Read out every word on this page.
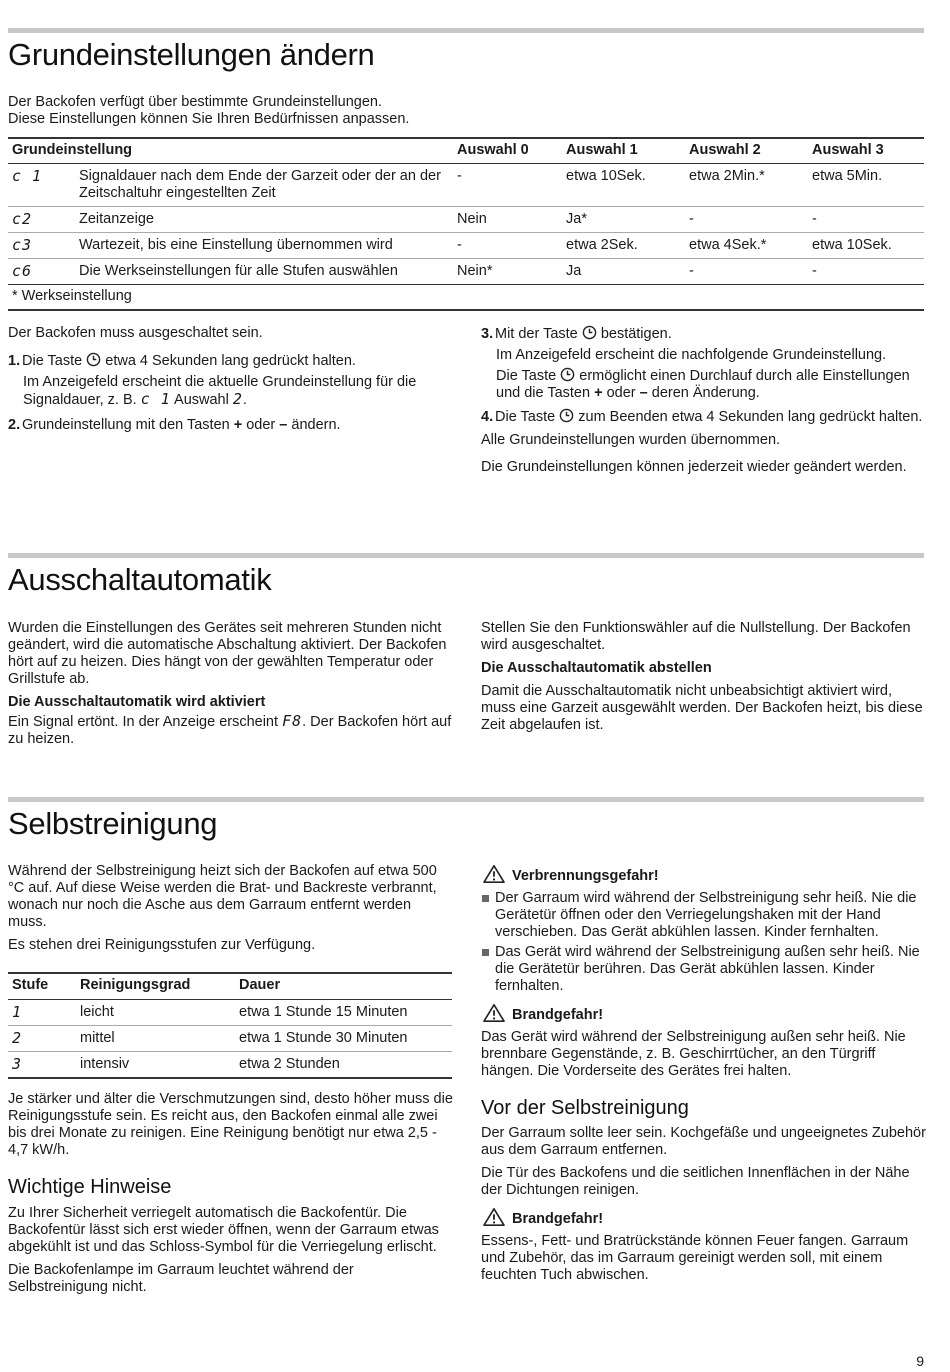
Grundeinstellungen ändern
Der Backofen verfügt über bestimmte Grundeinstellungen.
Diese Einstellungen können Sie Ihren Bedürfnissen anpassen.
Grundeinstellung		Auswahl 0	Auswahl 1	Auswahl 2	Auswahl 3
c 1	Signaldauer nach dem Ende der Garzeit oder der an der Zeitschaltuhr eingestellten Zeit	-	etwa 10Sek.	etwa 2Min.*	etwa 5Min.
c2	Zeitanzeige	Nein	Ja*	-	-
c3	Wartezeit, bis eine Einstellung übernommen wird	-	etwa 2Sek.	etwa 4Sek.*	etwa 10Sek.
c6	Die Werkseinstellungen für alle Stufen auswählen	Nein*	Ja	-	-
* Werkseinstellung					
Der Backofen muss ausgeschaltet sein.
1. Die Taste etwa 4 Sekunden lang gedrückt halten.
Im Anzeigefeld erscheint die aktuelle Grundeinstellung für die Signaldauer, z. B. c 1 Auswahl 2.
2. Grundeinstellung mit den Tasten + oder – ändern.
3. Mit der Taste bestätigen.
Im Anzeigefeld erscheint die nachfolgende Grundeinstellung.
Die Taste ermöglicht einen Durchlauf durch alle Einstellungen und die Tasten + oder – deren Änderung.
4. Die Taste zum Beenden etwa 4 Sekunden lang gedrückt halten.
Alle Grundeinstellungen wurden übernommen.
Die Grundeinstellungen können jederzeit wieder geändert werden.
Ausschaltautomatik
Wurden die Einstellungen des Gerätes seit mehreren Stunden nicht geändert, wird die automatische Abschaltung aktiviert. Der Backofen hört auf zu heizen. Dies hängt von der gewählten Temperatur oder Grillstufe ab.
Die Ausschaltautomatik wird aktiviert
Ein Signal ertönt. In der Anzeige erscheint F8. Der Backofen hört auf zu heizen.
Stellen Sie den Funktionswähler auf die Nullstellung. Der Backofen wird ausgeschaltet.
Die Ausschaltautomatik abstellen
Damit die Ausschaltautomatik nicht unbeabsichtigt aktiviert wird, muss eine Garzeit ausgewählt werden. Der Backofen heizt, bis diese Zeit abgelaufen ist.
Selbstreinigung
Während der Selbstreinigung heizt sich der Backofen auf etwa 500 °C auf. Auf diese Weise werden die Brat- und Backreste verbrannt, wonach nur noch die Asche aus dem Garraum entfernt werden muss.
Es stehen drei Reinigungsstufen zur Verfügung.
Stufe	Reinigungsgrad	Dauer
1	leicht	etwa 1 Stunde 15 Minuten
2	mittel	etwa 1 Stunde 30 Minuten
3	intensiv	etwa 2 Stunden
Je stärker und älter die Verschmutzungen sind, desto höher muss die Reinigungsstufe sein. Es reicht aus, den Backofen einmal alle zwei bis drei Monate zu reinigen. Eine Reinigung benötigt nur etwa 2,5 - 4,7 kW/h.
Wichtige Hinweise
Zu Ihrer Sicherheit verriegelt automatisch die Backofentür. Die Backofentür lässt sich erst wieder öffnen, wenn der Garraum etwas abgekühlt ist und das Schloss-Symbol für die Verriegelung erlischt.
Die Backofenlampe im Garraum leuchtet während der Selbstreinigung nicht.
Verbrennungsgefahr!
Der Garraum wird während der Selbstreinigung sehr heiß. Nie die Gerätetür öffnen oder den Verriegelungshaken mit der Hand verschieben. Das Gerät abkühlen lassen. Kinder fernhalten.
Das Gerät wird während der Selbstreinigung außen sehr heiß. Nie die Gerätetür berühren. Das Gerät abkühlen lassen. Kinder fernhalten.
Brandgefahr!
Das Gerät wird während der Selbstreinigung außen sehr heiß. Nie brennbare Gegenstände, z. B. Geschirrtücher, an den Türgriff hängen. Die Vorderseite des Gerätes frei halten.
Vor der Selbstreinigung
Der Garraum sollte leer sein. Kochgefäße und ungeeignetes Zubehör aus dem Garraum entfernen.
Die Tür des Backofens und die seitlichen Innenflächen in der Nähe der Dichtungen reinigen.
Brandgefahr!
Essens-, Fett- und Bratrückstände können Feuer fangen. Garraum und Zubehör, das im Garraum gereinigt werden soll, mit einem feuchten Tuch abwischen.
9
